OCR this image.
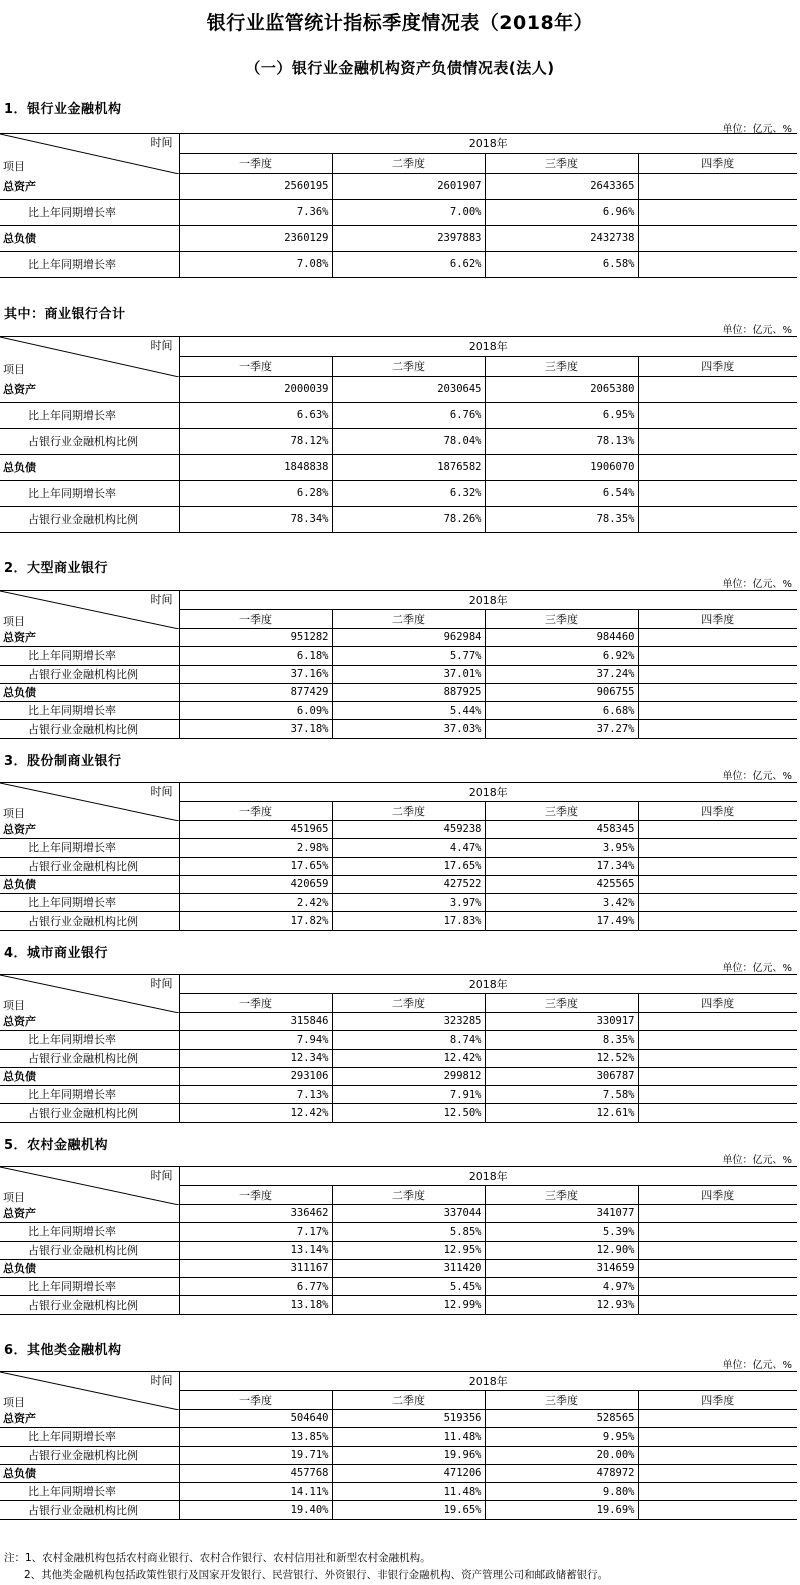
银行业监管统计指标季度情况表（2018年）
（一）银行业金融机构资产负债情况表(法人)
1．银行业金融机构
单位：亿元、%
时间
项目	2018年			
	一季度	二季度	三季度	四季度
总资产	2560195	2601907	2643365	
比上年同期增长率	7.36%	7.00%	6.96%	
总负债	2360129	2397883	2432738	
比上年同期增长率	7.08%	6.62%	6.58%	
其中：商业银行合计
单位：亿元、%
时间
项目	2018年			
	一季度	二季度	三季度	四季度
总资产	2000039	2030645	2065380	
比上年同期增长率	6.63%	6.76%	6.95%	
占银行业金融机构比例	78.12%	78.04%	78.13%	
总负债	1848838	1876582	1906070	
比上年同期增长率	6.28%	6.32%	6.54%	
占银行业金融机构比例	78.34%	78.26%	78.35%	
2．大型商业银行
单位：亿元、%
时间
项目	2018年			
	一季度	二季度	三季度	四季度
总资产	951282	962984	984460	
比上年同期增长率	6.18%	5.77%	6.92%	
占银行业金融机构比例	37.16%	37.01%	37.24%	
总负债	877429	887925	906755	
比上年同期增长率	6.09%	5.44%	6.68%	
占银行业金融机构比例	37.18%	37.03%	37.27%	
3．股份制商业银行
单位：亿元、%
时间
项目	2018年			
	一季度	二季度	三季度	四季度
总资产	451965	459238	458345	
比上年同期增长率	2.98%	4.47%	3.95%	
占银行业金融机构比例	17.65%	17.65%	17.34%	
总负债	420659	427522	425565	
比上年同期增长率	2.42%	3.97%	3.42%	
占银行业金融机构比例	17.82%	17.83%	17.49%	
4．城市商业银行
单位：亿元、%
时间
项目	2018年			
	一季度	二季度	三季度	四季度
总资产	315846	323285	330917	
比上年同期增长率	7.94%	8.74%	8.35%	
占银行业金融机构比例	12.34%	12.42%	12.52%	
总负债	293106	299812	306787	
比上年同期增长率	7.13%	7.91%	7.58%	
占银行业金融机构比例	12.42%	12.50%	12.61%	
5．农村金融机构
单位：亿元、%
时间
项目	2018年			
	一季度	二季度	三季度	四季度
总资产	336462	337044	341077	
比上年同期增长率	7.17%	5.85%	5.39%	
占银行业金融机构比例	13.14%	12.95%	12.90%	
总负债	311167	311420	314659	
比上年同期增长率	6.77%	5.45%	4.97%	
占银行业金融机构比例	13.18%	12.99%	12.93%	
6．其他类金融机构
单位：亿元、%
时间
项目	2018年			
	一季度	二季度	三季度	四季度
总资产	504640	519356	528565	
比上年同期增长率	13.85%	11.48%	9.95%	
占银行业金融机构比例	19.71%	19.96%	20.00%	
总负债	457768	471206	478972	
比上年同期增长率	14.11%	11.48%	9.80%	
占银行业金融机构比例	19.40%	19.65%	19.69%	
注：1、农村金融机构包括农村商业银行、农村合作银行、农村信用社和新型农村金融机构。
2、其他类金融机构包括政策性银行及国家开发银行、民营银行、外资银行、非银行金融机构、资产管理公司和邮政储蓄银行。
